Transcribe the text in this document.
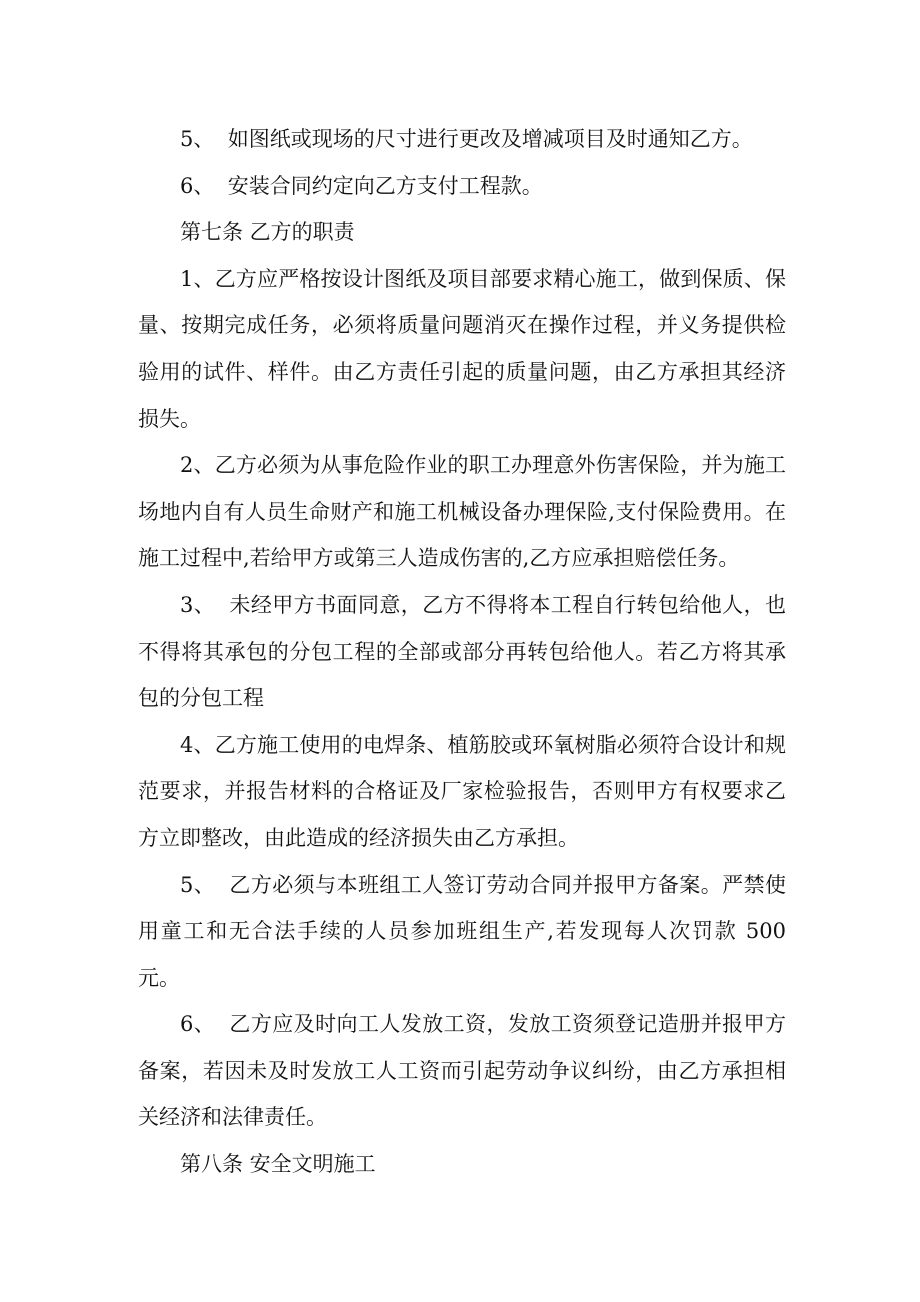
5、  如图纸或现场的尺寸进行更改及增减项目及时通知乙方。

6、  安装合同约定向乙方支付工程款。

第七条 乙方的职责

1、乙方应严格按设计图纸及项目部要求精心施工，做到保质、保量、按期完成任务，必须将质量问题消灭在操作过程，并义务提供检验用的试件、样件。由乙方责任引起的质量问题，由乙方承担其经济损失。

2、乙方必须为从事危险作业的职工办理意外伤害保险，并为施工场地内自有人员生命财产和施工机械设备办理保险,支付保险费用。在施工过程中,若给甲方或第三人造成伤害的,乙方应承担赔偿任务。

3、  未经甲方书面同意，乙方不得将本工程自行转包给他人，也不得将其承包的分包工程的全部或部分再转包给他人。若乙方将其承包的分包工程

4、乙方施工使用的电焊条、植筋胶或环氧树脂必须符合设计和规范要求，并报告材料的合格证及厂家检验报告，否则甲方有权要求乙方立即整改，由此造成的经济损失由乙方承担。

5、  乙方必须与本班组工人签订劳动合同并报甲方备案。严禁使用童工和无合法手续的人员参加班组生产,若发现每人次罚款 500 元。

6、  乙方应及时向工人发放工资，发放工资须登记造册并报甲方备案，若因未及时发放工人工资而引起劳动争议纠纷，由乙方承担相关经济和法律责任。

第八条 安全文明施工
